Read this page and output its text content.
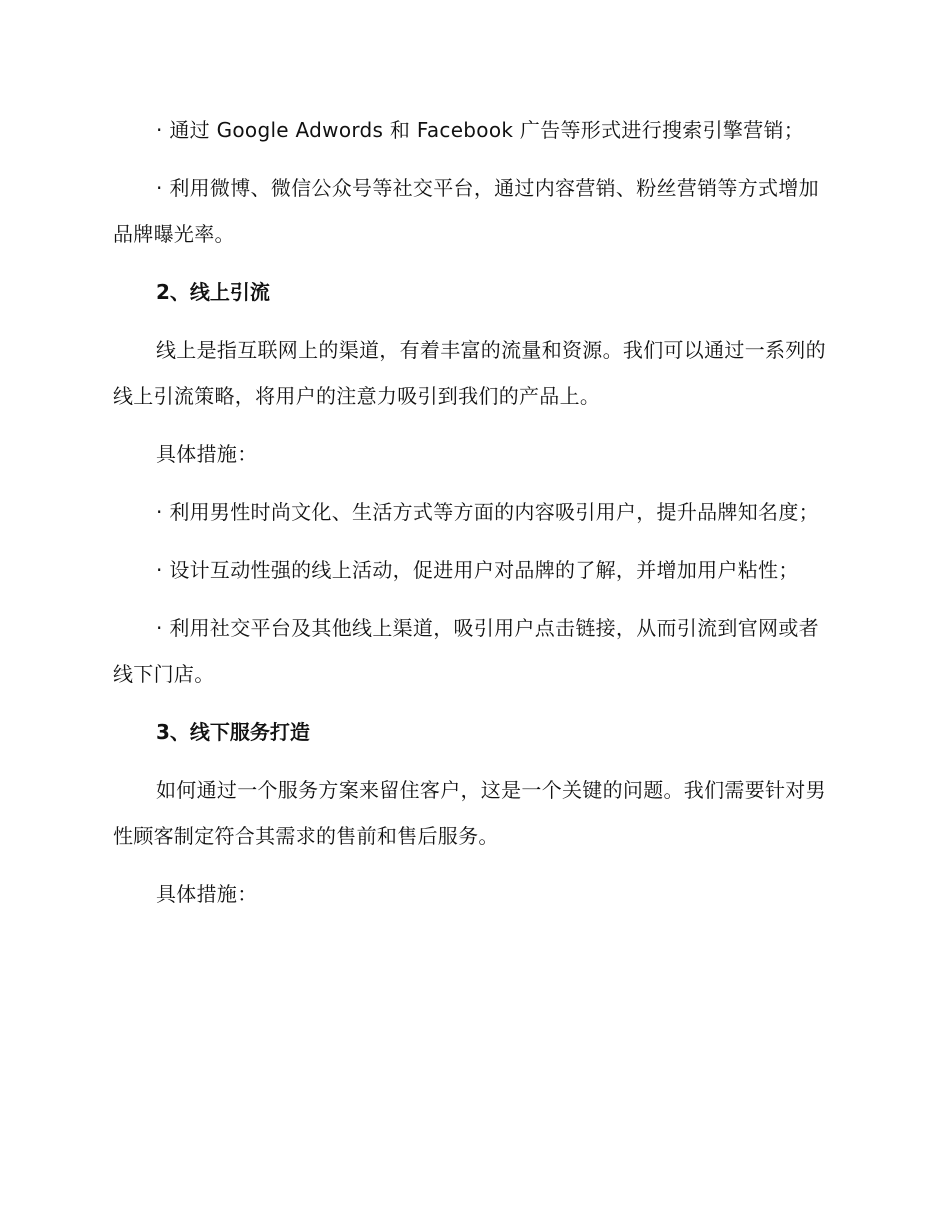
· 通过 Google Adwords 和 Facebook 广告等形式进行搜索引擎营销；

· 利用微博、微信公众号等社交平台，通过内容营销、粉丝营销等方式增加品牌曝光率。

2、线上引流

线上是指互联网上的渠道，有着丰富的流量和资源。我们可以通过一系列的线上引流策略，将用户的注意力吸引到我们的产品上。

具体措施：

· 利用男性时尚文化、生活方式等方面的内容吸引用户，提升品牌知名度；

· 设计互动性强的线上活动，促进用户对品牌的了解，并增加用户粘性；

· 利用社交平台及其他线上渠道，吸引用户点击链接，从而引流到官网或者线下门店。

3、线下服务打造

如何通过一个服务方案来留住客户，这是一个关键的问题。我们需要针对男性顾客制定符合其需求的售前和售后服务。

具体措施：
